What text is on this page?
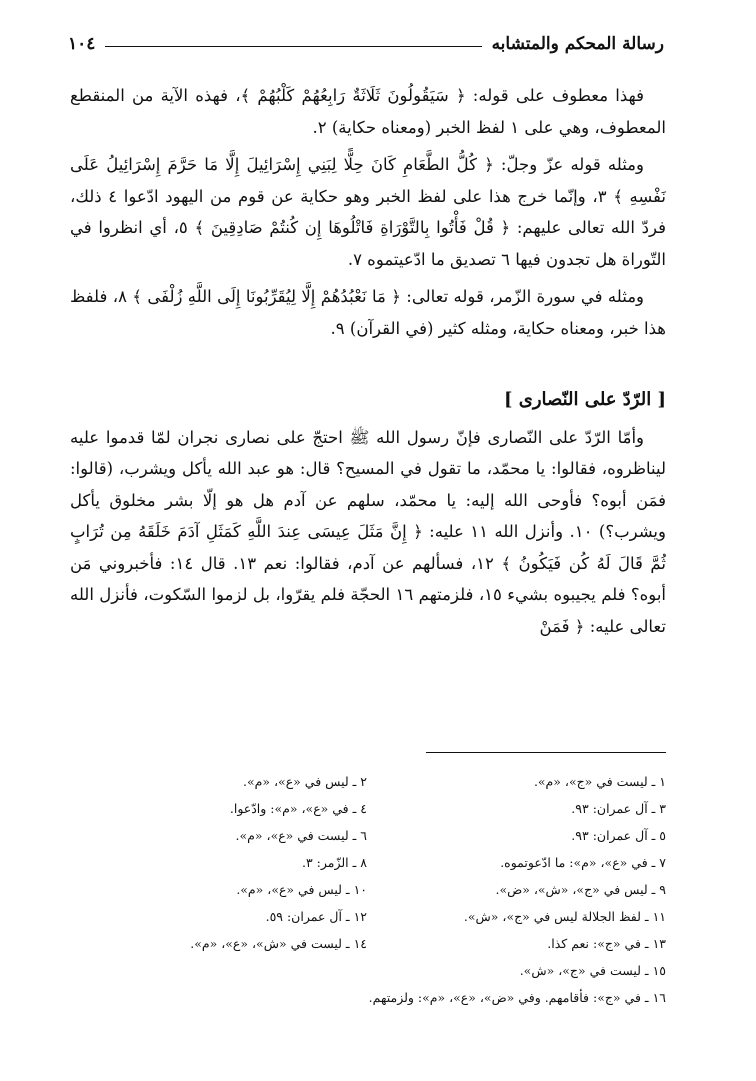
رسالة المحكم والمتشابه
١٠٤

فهذا معطوف على قوله: ﴿ سَيَقُولُونَ ثَلَاثَةٌ رَابِعُهُمْ كَلْبُهُمْ ﴾، فهذه الآية من المنقطع المعطوف، وهي على ١ لفظ الخبر (ومعناه حكاية) ٢.

ومثله قوله عزّ وجلّ: ﴿ كُلُّ الطَّعَامِ كَانَ حِلًّا لِبَنِي إِسْرَائِيلَ إِلَّا مَا حَرَّمَ إِسْرَائِيلُ عَلَى نَفْسِهِ ﴾ ٣، وإنّما خرج هذا على لفظ الخبر وهو حكاية عن قوم من اليهود ادّعوا ٤ ذلك، فردّ الله تعالى عليهم: ﴿ قُلْ فَأْتُوا بِالتَّوْرَاةِ فَاتْلُوهَا إِن كُنتُمْ صَادِقِينَ ﴾ ٥، أي انظروا في التّوراة هل تجدون فيها ٦ تصديق ما ادّعيتموه ٧.

ومثله في سورة الزّمر، قوله تعالى: ﴿ مَا نَعْبُدُهُمْ إِلَّا لِيُقَرِّبُونَا إِلَى اللَّهِ زُلْفَى ﴾ ٨، فلفظ هذا خبر، ومعناه حكاية، ومثله كثير (في القرآن) ٩.

[ الرّدّ على النّصارى ]

وأمّا الرّدّ على النّصارى فإنّ رسول الله ﷺ احتجّ على نصارى نجران لمّا قدموا عليه ليناظروه، فقالوا: يا محمّد، ما تقول في المسيح؟ قال: هو عبد الله يأكل ويشرب، (قالوا: فمَن أبوه؟ فأوحى الله إليه: يا محمّد، سلهم عن آدم هل هو إلّا بشر مخلوق يأكل ويشرب؟) ١٠. وأنزل الله ١١ عليه: ﴿ إِنَّ مَثَلَ عِيسَى عِندَ اللَّهِ كَمَثَلِ آدَمَ خَلَقَهُ مِن تُرَابٍ ثُمَّ قَالَ لَهُ كُن فَيَكُونُ ﴾ ١٢، فسألهم عن آدم، فقالوا: نعم ١٣. قال ١٤: فأخبروني مَن أبوه؟ فلم يجيبوه بشيء ١٥، فلزمتهم ١٦ الحجّة فلم يقرّوا، بل لزموا السّكوت، فأنزل الله تعالى عليه: ﴿ فَمَنْ

١ ـ ليست في «ج»، «م».
٢ ـ ليس في «ع»، «م».
٣ ـ آل عمران: ٩٣.
٤ ـ في «ع»، «م»: وادّعوا.
٥ ـ آل عمران: ٩٣.
٦ ـ ليست في «ع»، «م».
٧ ـ في «ع»، «م»: ما ادّعوتموه.
٨ ـ الزّمر: ٣.
٩ ـ ليس في «ج»، «ش»، «ض».
١٠ ـ ليس في «ع»، «م».
١١ ـ لفظ الجلالة ليس في «ج»، «ش».
١٢ ـ آل عمران: ٥٩.
١٣ ـ في «ج»: نعم كذا.
١٤ ـ ليست في «ش»، «ع»، «م».
١٥ ـ ليست في «ج»، «ش».
١٦ ـ في «ج»: فأقامهم. وفي «ض»، «ع»، «م»: ولزمتهم.
